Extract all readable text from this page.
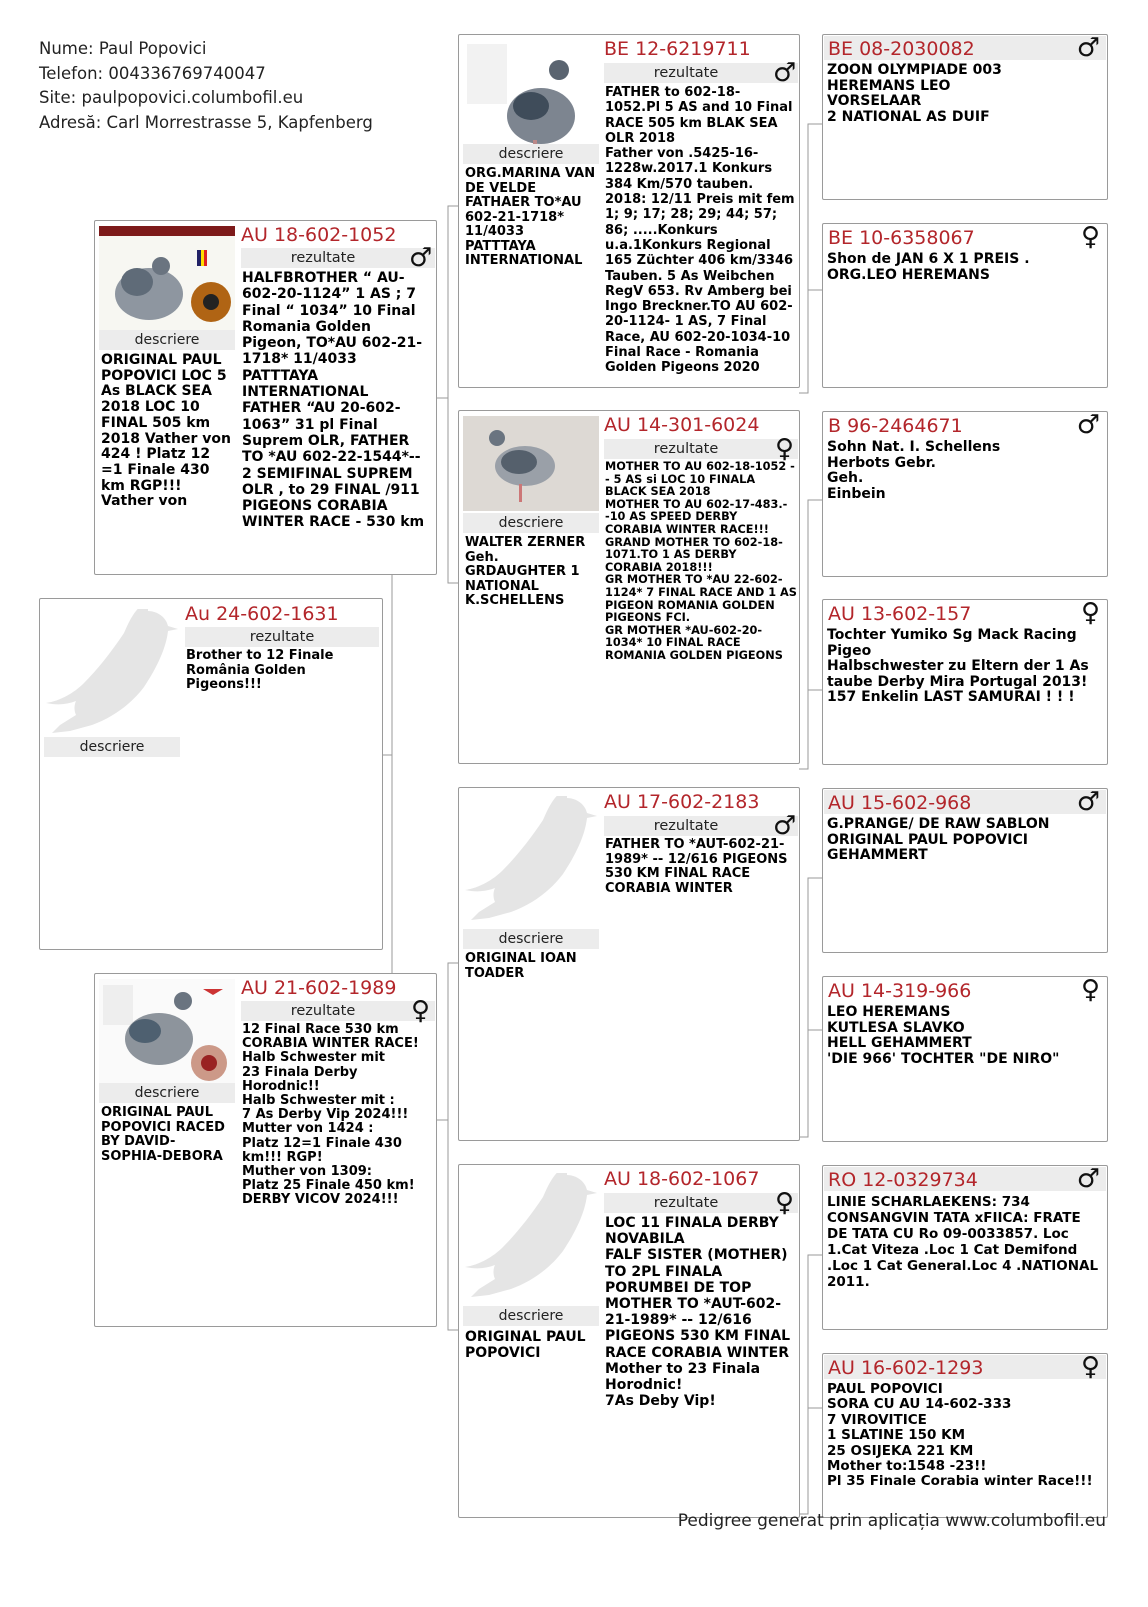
Nume: Paul Popovici
Telefon: 004336769740047
Site: paulpopovici.columbofil.eu
Adresă: Carl Morrestrasse 5, Kapfenberg
descriere
Au 24-602-1631
rezultate
Brother to 12 Finale România Golden Pigeons!!!
descriere
ORIGINAL PAUL POPOVICI LOC 5 As BLACK SEA 2018 LOC 10 FINAL 505 km 2018 Vather von 424 ! Platz 12 =1 Finale 430 km RGP!!! Vather von
AU 18-602-1052
rezultate	♂
HALFBROTHER “ AU-602-20-1124” 1 AS ; 7 Final “ 1034” 10 Final Romania Golden Pigeon, TO*AU 602-21-1718* 11/4033 PATTTAYA INTERNATIONAL FATHER “AU 20-602-1063” 31 pl Final Suprem OLR, FATHER TO *AU 602-22-1544*-- 2 SEMIFINAL SUPREM OLR , to 29 FINAL /911 PIGEONS CORABIA WINTER RACE - 530 km
descriere
ORIGINAL PAUL POPOVICI RACED BY DAVID-SOPHIA-DEBORA
AU 21-602-1989
rezultate	♀
12 Final Race 530 km CORABIA WINTER RACE!
Halb Schwester mit
23 Finala Derby Horodnic!!
Halb Schwester mit :
7 As Derby Vip 2024!!!
Mutter von 1424 :
Platz 12=1 Finale 430 km!!! RGP!
Muther von 1309:
Platz 25 Finale 450 km!
DERBY VICOV 2024!!!
descriere
ORG.MARINA VAN DE VELDE FATHAER TO*AU 602-21-1718* 11/4033 PATTTAYA INTERNATIONAL
BE 12-6219711
rezultate	♂
FATHER to 602-18-1052.Pl 5 AS and 10 Final RACE 505 km BLAK SEA OLR 2018
Father von .5425-16-1228w.2017.1 Konkurs 384 Km/570 tauben. 2018: 12/11 Preis mit fem 1; 9; 17; 28; 29; 44; 57; 86; .....Konkurs u.a.1Konkurs Regional 165 Züchter 406 km/3346 Tauben. 5 As Weibchen RegV 653. Rv Amberg bei Ingo Breckner.TO AU 602-20-1124- 1 AS, 7 Final Race, AU 602-20-1034-10 Final Race - Romania Golden Pigeons 2020
descriere
WALTER ZERNER Geh. GRDAUGHTER 1 NATIONAL K.SCHELLENS
AU 14-301-6024
rezultate	♀
MOTHER TO AU 602-18-1052 -- 5 AS si LOC 10 FINALA BLACK SEA 2018
MOTHER TO AU 602-17-483.--10 AS SPEED DERBY CORABIA WINTER RACE!!!
GRAND MOTHER TO 602-18-1071.TO 1 AS DERBY CORABIA 2018!!!
GR MOTHER TO *AU 22-602-1124* 7 FINAL RACE AND 1 AS PIGEON ROMANIA GOLDEN PIGEONS FCI.
GR MOTHER *AU-602-20-1034* 10 FINAL RACE ROMANIA GOLDEN PIGEONS
descriere
ORIGINAL IOAN TOADER
AU 17-602-2183
rezultate	♂
FATHER TO *AUT-602-21-1989* -- 12/616 PIGEONS 530 KM FINAL RACE CORABIA WINTER
descriere
ORIGINAL PAUL POPOVICI
AU 18-602-1067
rezultate	♀
LOC 11 FINALA DERBY NOVABILA
FALF SISTER (MOTHER) TO 2PL FINALA PORUMBEI DE TOP
MOTHER TO *AUT-602-21-1989* -- 12/616 PIGEONS 530 KM FINAL RACE CORABIA WINTER
Mother to 23 Finala Horodnic!
7As Deby Vip!
BE 08-2030082	♂
ZOON OLYMPIADE 003
HEREMANS LEO
VORSELAAR
2 NATIONAL AS DUIF
BE 10-6358067	♀
Shon de JAN 6 X 1 PREIS .
ORG.LEO HEREMANS
B 96-2464671	♂
Sohn Nat. I. Schellens
Herbots Gebr.
Geh.
Einbein
AU 13-602-157	♀
Tochter Yumiko Sg Mack Racing Pigeo
Halbschwester zu Eltern der 1 As taube Derby Mira Portugal 2013!
157 Enkelin LAST SAMURAI ! ! !
AU 15-602-968	♂
G.PRANGE/ DE RAW SABLON
ORIGINAL PAUL POPOVICI
GEHAMMERT
AU 14-319-966	♀
LEO HEREMANS
KUTLESA SLAVKO
HELL GEHAMMERT
'DIE 966' TOCHTER "DE NIRO"
RO 12-0329734	♂
LINIE SCHARLAEKENS: 734 CONSANGVIN TATA xFIICA: FRATE DE TATA CU Ro 09-0033857. Loc 1.Cat Viteza .Loc 1 Cat Demifond .Loc 1 Cat General.Loc 4 .NATIONAL 2011.
AU 16-602-1293	♀
PAUL POPOVICI
SORA CU AU 14-602-333
7 VIROVITICE
1 SLATINE 150 KM
25 OSIJEKA 221 KM
Mother to:1548 -23!!
Pl 35 Finale Corabia winter Race!!!
Pedigree generat prin aplicația www.columbofil.eu
